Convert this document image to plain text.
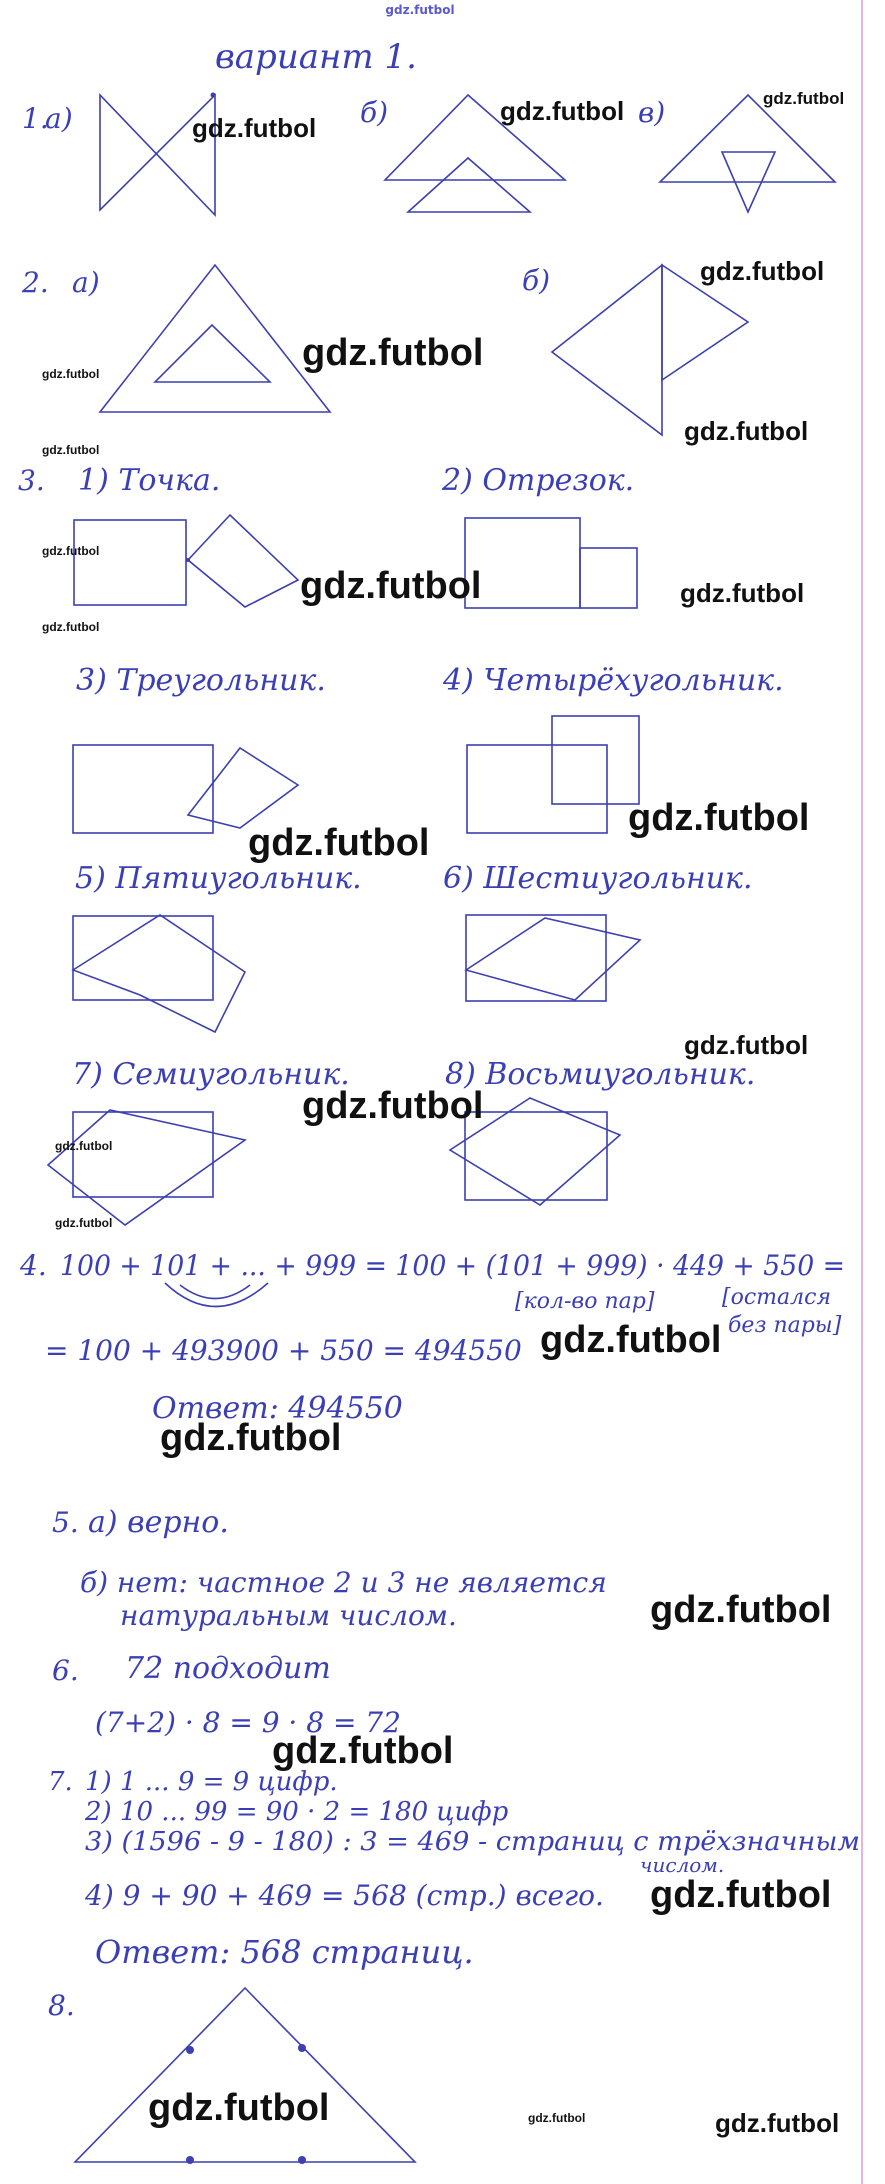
gdz.futbol
вариант 1.
1.
а)	б)	в)
2. а)	б)
3. 1) Точка.	2) Отрезок.
3) Треугольник.	4) Четырёхугольник.
5) Пятиугольник.	6) Шестиугольник.
7) Семиугольник.	8) Восьмиугольник.
4. 100 + 101 + ... + 999 = 100 + (101 + 999) · 449 + 550 =
[кол-во пар]	[остался
без пары]
= 100 + 493900 + 550 = 494550
Ответ: 494550
5. а) верно.
б) нет: частное 2 и 3 не является
натуральным числом.
6. 72 подходит
(7+2) · 8 = 9 · 8 = 72
7. 1) 1 ... 9 = 9 цифр.
2) 10 ... 99 = 90 · 2 = 180 цифр
3) (1596 - 9 - 180) : 3 = 469 - страниц с трёхзначным
числом.
4) 9 + 90 + 469 = 568 (стр.) всего.
Ответ: 568 страниц.
8.
gdz.futbol
gdz.futbol	gdz.futbol
gdz.futbol
gdz.futbol
gdz.futbol
gdz.futbol
gdz.futbol
gdz.futbol
gdz.futbol	gdz.futbol
gdz.futbol
gdz.futbol
gdz.futbol
gdz.futbol
gdz.futbol
gdz.futbol
gdz.futbol
gdz.futbol
gdz.futbol
gdz.futbol
gdz.futbol
gdz.futbol
gdz.futbol	gdz.futbol	gdz.futbol
